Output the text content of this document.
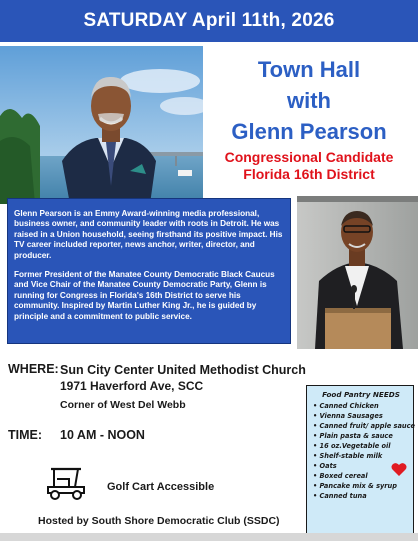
SATURDAY April 11th, 2026
Town Hall
with
Glenn Pearson
Congressional Candidate
Florida 16th District

Glenn Pearson is an Emmy Award-winning media professional, business owner, and community leader with roots in Detroit. He was raised in a Union household, seeing firsthand its positive impact. His TV career included reporter, news anchor, writer, director, and producer.

Former President of the Manatee County Democratic Black Caucus and Vice Chair of the Manatee County Democratic Party, Glenn is running for Congress in Florida's 16th District to serve his community. Inspired by Martin Luther King Jr., he is guided by principle and a commitment to public service.

WHERE: Sun City Center United Methodist Church
1971 Haverford Ave, SCC
Corner of West Del Webb
TIME: 10 AM - NOON
Golf Cart Accessible
Hosted by South Shore Democratic Club (SSDC)
Food Pantry NEEDS
• Canned Chicken
• Vienna Sausages
• Canned fruit/ apple sauce
• Plain pasta & sauce
• 16 oz.Vegetable oil
• Shelf-stable milk
• Oats
• Boxed cereal
• Pancake mix & syrup
• Canned tuna
